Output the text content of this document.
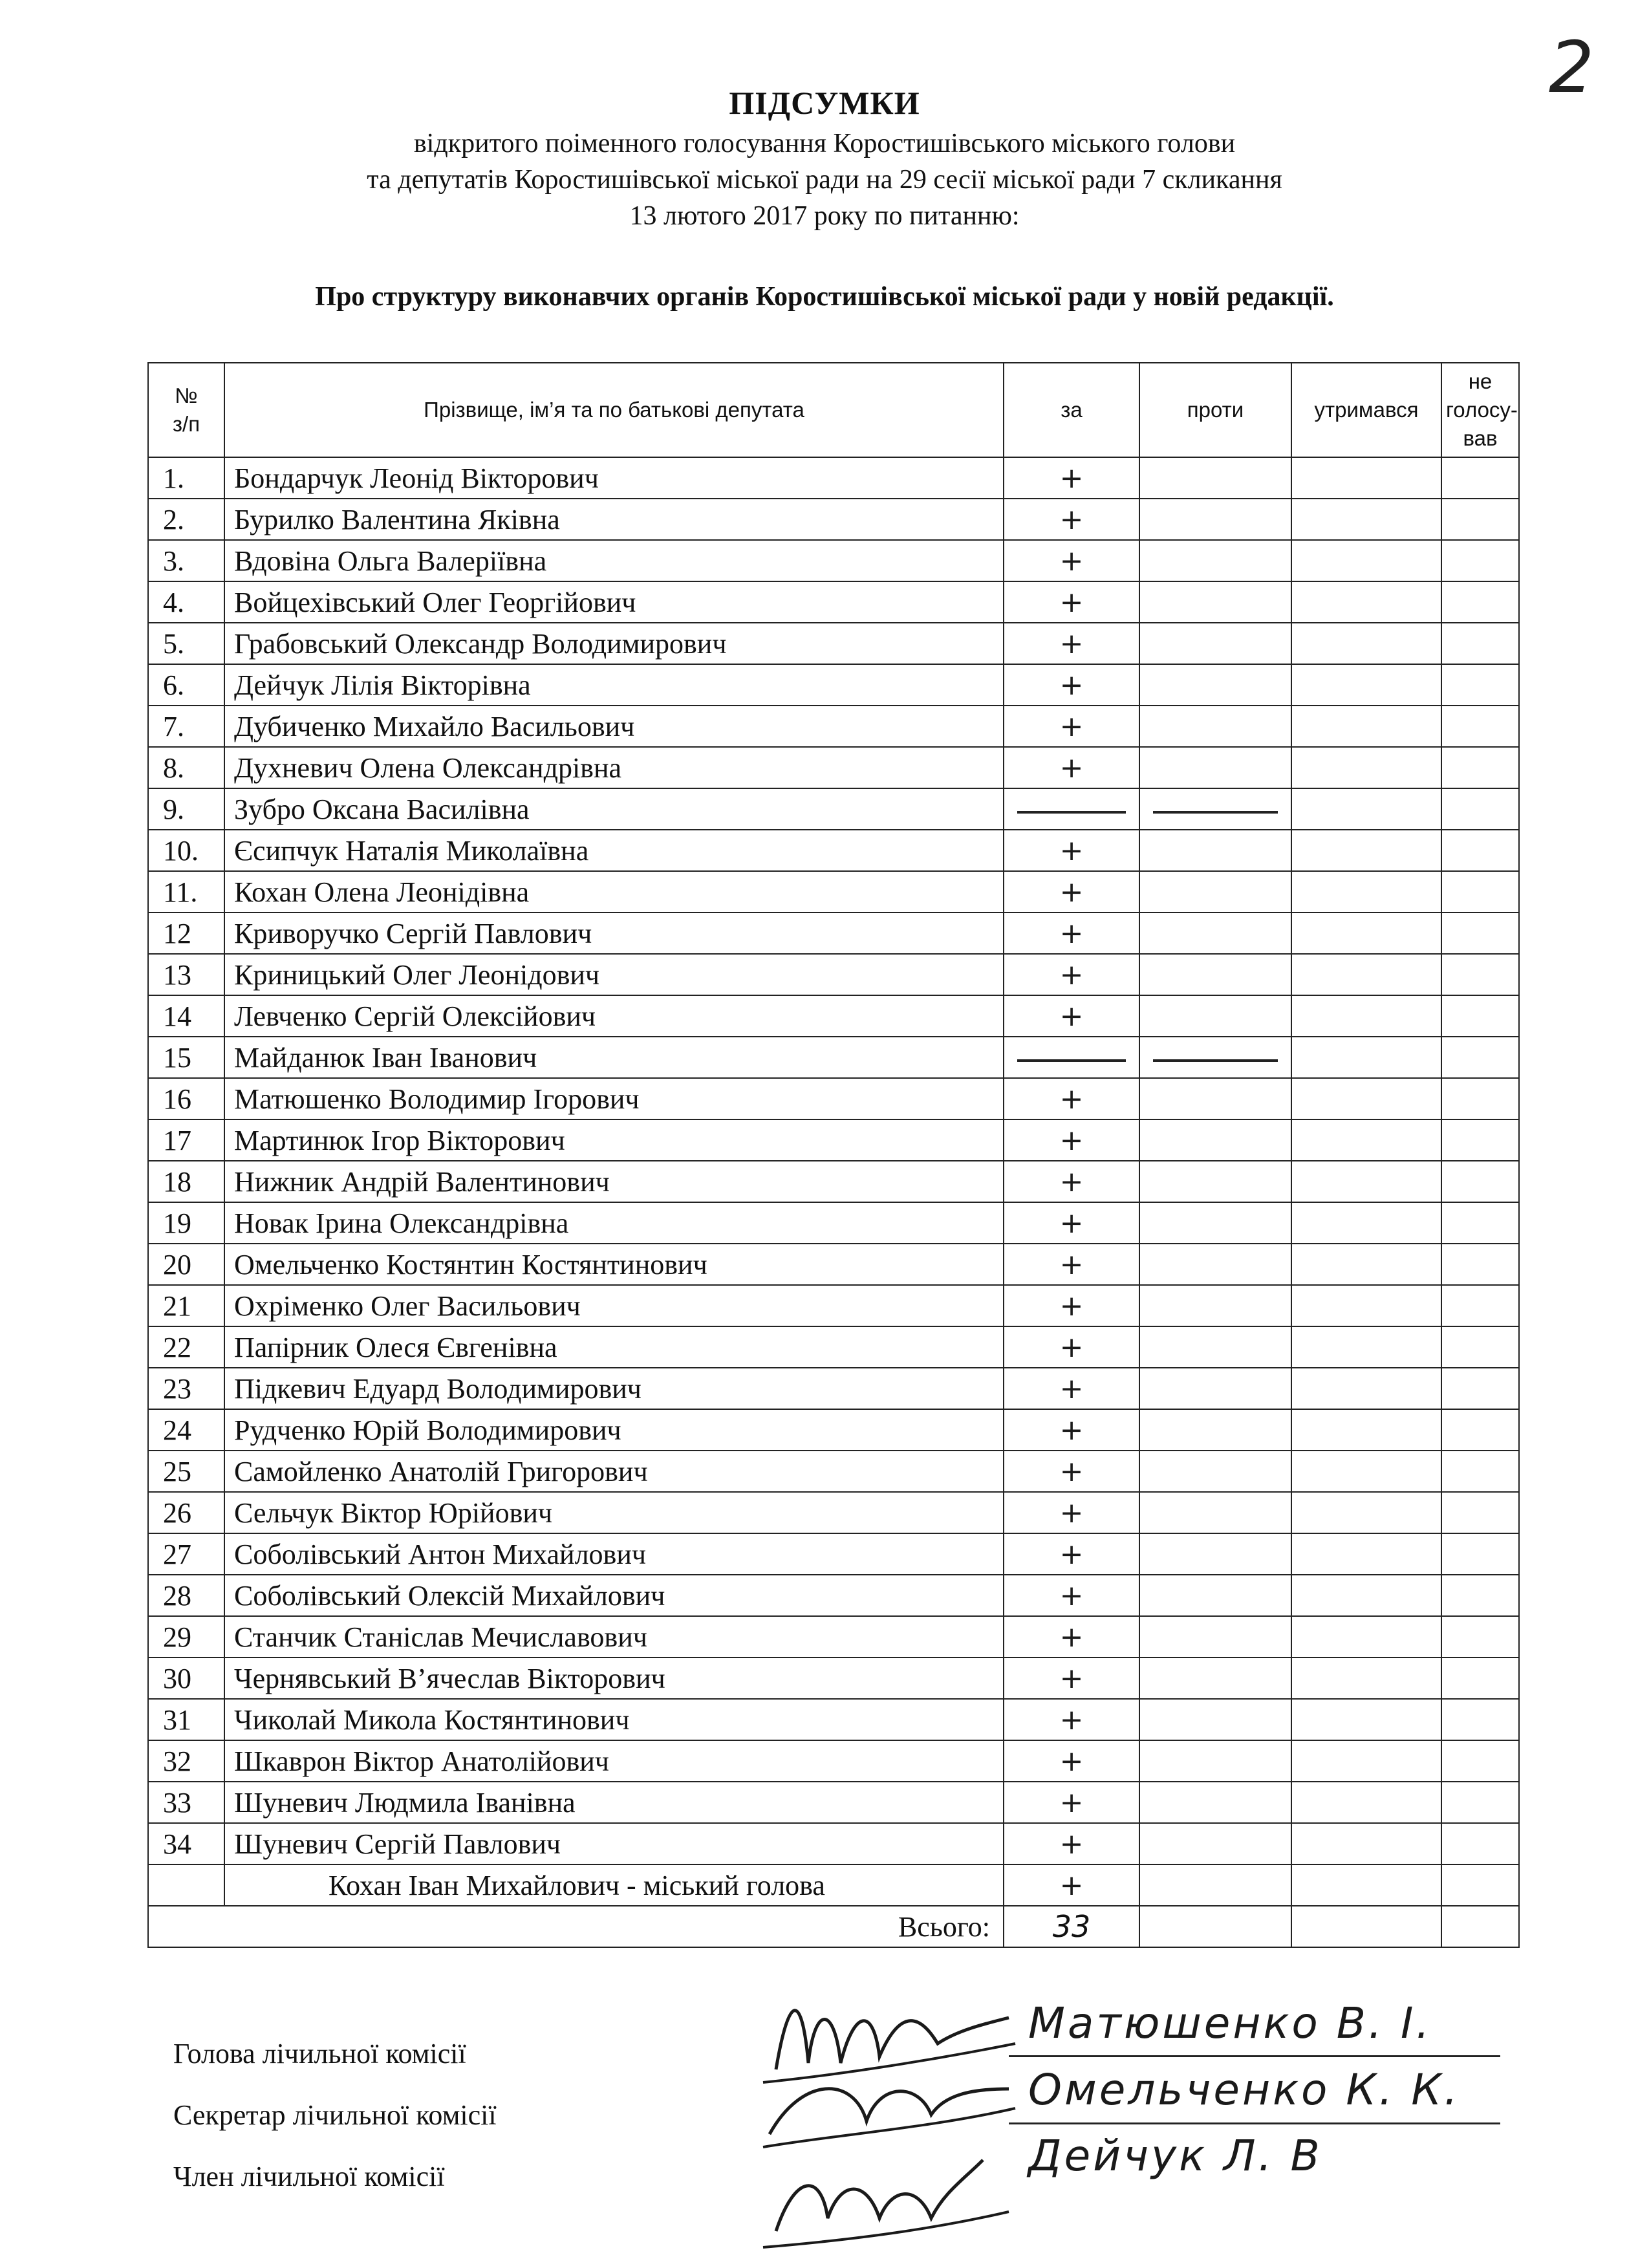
2
ПІДСУМКИ
відкритого поіменного голосування Коростишівського міського голови
та депутатів Коростишівської міської ради на 29 сесії міської ради 7 скликання
13 лютого 2017 року по питанню:
Про структуру виконавчих органів Коростишівської міської ради у новій редакції.
№
з/п	Прізвище, ім’я та по батькові депутата	за	проти	утримався	не
голосу-
вав
1.	Бондарчук Леонід Вікторович	+			
2.	Бурилко Валентина Яківна	+			
3.	Вдовіна Ольга Валеріївна	+			
4.	Войцехівський Олег Георгійович	+			
5.	Грабовський Олександр Володимирович	+			
6.	Дейчук Лілія Вікторівна	+			
7.	Дубиченко Михайло Васильович	+			
8.	Духневич Олена Олександрівна	+			
9.	Зубро Оксана Василівна	

10.	Єсипчук Наталія Миколаївна	+			
11.	Кохан Олена Леонідівна	+			
12	Криворучко Сергій Павлович	+			
13	Криницький Олег Леонідович	+			
14	Левченко Сергій Олексійович	+			
15	Майданюк Іван Іванович	

16	Матюшенко Володимир Ігорович	+			
17	Мартинюк Ігор Вікторович	+			
18	Нижник Андрій Валентинович	+			
19	Новак Ірина Олександрівна	+			
20	Омельченко Костянтин Костянтинович	+			
21	Охріменко Олег Васильович	+			
22	Папірник Олеся Євгенівна	+			
23	Підкевич Едуард Володимирович	+			
24	Рудченко Юрій Володимирович	+			
25	Самойленко Анатолій Григорович	+			
26	Сельчук Віктор Юрійович	+			
27	Соболівський Антон Михайлович	+			
28	Соболівський Олексій Михайлович	+			
29	Станчик Станіслав Мечиславович	+			
30	Чернявський В’ячеслав Вікторович	+			
31	Чиколай Микола Костянтинович	+			
32	Шкаврон Віктор Анатолійович	+			
33	Шуневич Людмила Іванівна	+			
34	Шуневич Сергій Павлович	+			
	Кохан Іван Михайлович - міський голова	+			
Всього:		33			
Голова лічильної комісії
Секретар лічильної комісії
Член лічильної комісії
Матюшенко В. І.
Омельченко К. К.
Дейчук Л. В
